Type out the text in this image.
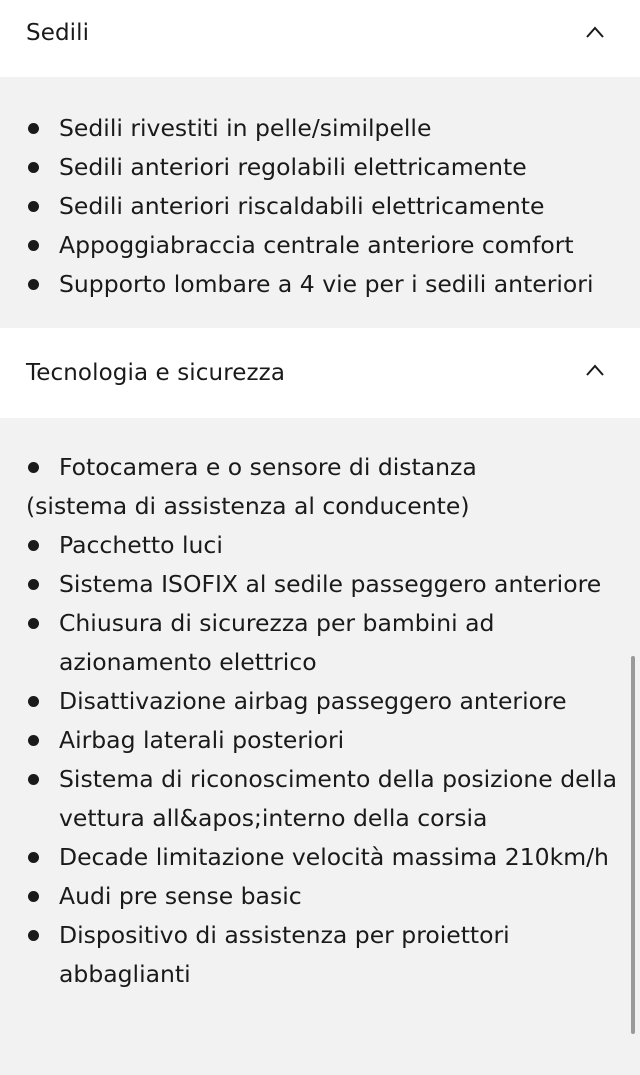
Sedili
Sedili rivestiti in pelle/similpelle
Sedili anteriori regolabili elettricamente
Sedili anteriori riscaldabili elettricamente
Appoggiabraccia centrale anteriore comfort
Supporto lombare a 4 vie per i sedili anteriori
Tecnologia e sicurezza
Fotocamera e o sensore di distanza
(sistema di assistenza al conducente)
Pacchetto luci
Sistema ISOFIX al sedile passeggero anteriore
Chiusura di sicurezza per bambini ad azionamento elettrico
Disattivazione airbag passeggero anteriore
Airbag laterali posteriori
Sistema di riconoscimento della posizione della vettura all&apos;interno della corsia
Decade limitazione velocità massima 210km/h
Audi pre sense basic
Dispositivo di assistenza per proiettori abbaglianti
